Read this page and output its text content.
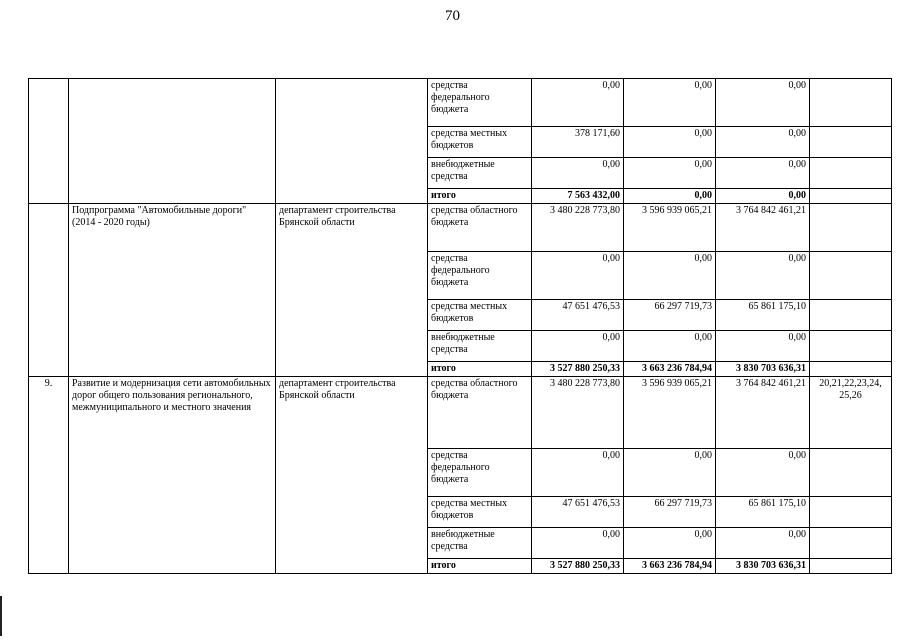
70
			средства федерального бюджета	0,00	0,00	0,00	
			средства местных бюджетов	378 171,60	0,00	0,00	
			внебюджетные средства	0,00	0,00	0,00	
			итого	7 563 432,00	0,00	0,00	
	Подпрограмма "Автомобильные дороги" (2014 - 2020 годы)	департамент строительства Брянской области	средства областного бюджета	3 480 228 773,80	3 596 939 065,21	3 764 842 461,21	
			средства федерального бюджета	0,00	0,00	0,00	
			средства местных бюджетов	47 651 476,53	66 297 719,73	65 861 175,10	
			внебюджетные средства	0,00	0,00	0,00	
			итого	3 527 880 250,33	3 663 236 784,94	3 830 703 636,31	
9.	Развитие и модернизация сети автомобильных дорог общего пользования регионального, межмуниципального и местного значения	департамент строительства Брянской области	средства областного бюджета	3 480 228 773,80	3 596 939 065,21	3 764 842 461,21	20,21,22,23,24, 25,26
			средства федерального бюджета	0,00	0,00	0,00	
			средства местных бюджетов	47 651 476,53	66 297 719,73	65 861 175,10	
			внебюджетные средства	0,00	0,00	0,00	
			итого	3 527 880 250,33	3 663 236 784,94	3 830 703 636,31	
